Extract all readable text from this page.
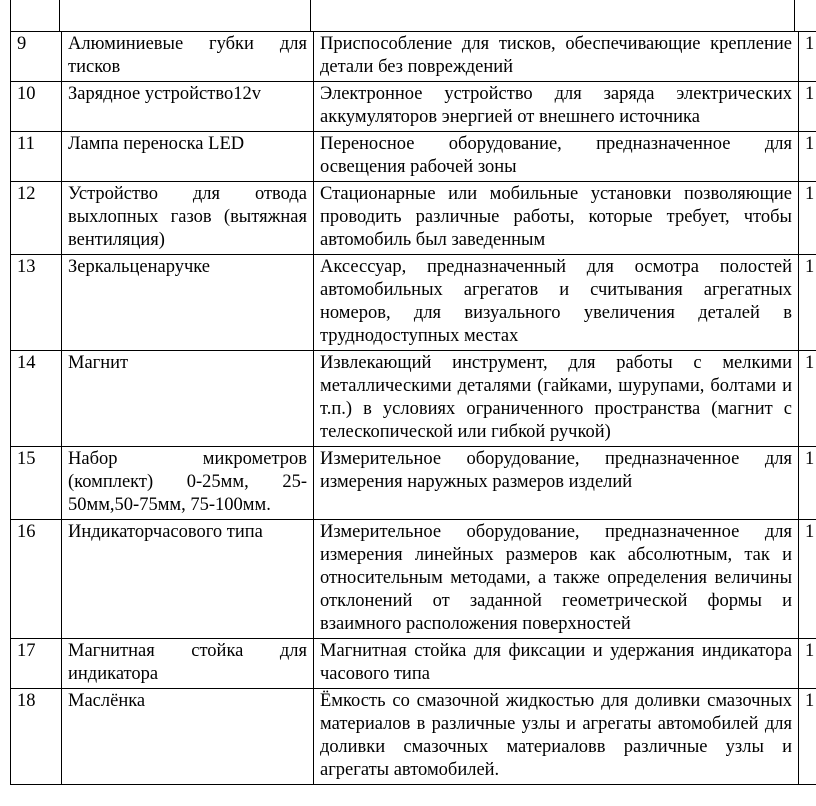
9	Алюминиевые губки для тисков	Приспособление для тисков, обеспечивающие крепление детали без повреждений	1
10	Зарядное устройство12v	Электронное устройство для заряда электрических аккумуляторов энергией от внешнего источника	1
11	Лампа переноска LED	Переносное оборудование, предназначенное для освещения рабочей зоны	1
12	Устройство для отвода выхлопных газов (вытяжная вентиляция)	Стационарные или мобильные установки позволяющие проводить различные работы, которые требует, чтобы автомобиль был заведенным	1
13	Зеркальценаручке	Аксессуар, предназначенный для осмотра полостей автомобильных агрегатов и считывания агрегатных номеров, для визуального увеличения деталей в труднодоступных местах	1
14	Магнит	Извлекающий инструмент, для работы с мелкими металлическими деталями (гайками, шурупами, болтами и т.п.) в условиях ограниченного пространства (магнит с телескопической или гибкой ручкой)	1
15	Набор микрометров (комплект) 0-25мм, 25-50мм,50-75мм, 75-100мм.	Измерительное оборудование, предназначенное для измерения наружных размеров изделий	1
16	Индикаторчасового типа	Измерительное оборудование, предназначенное для измерения линейных размеров как абсолютным, так и относительным методами, а также определения величины отклонений от заданной геометрической формы и взаимного расположения поверхностей	1
17	Магнитная стойка для индикатора	Магнитная стойка для фиксации и удержания индикатора часового типа	1
18	Маслёнка	Ёмкость со смазочной жидкостью для доливки смазочных материалов в различные узлы и агрегаты автомобилей для доливки смазочных материаловв различные узлы и агрегаты автомобилей.	1
